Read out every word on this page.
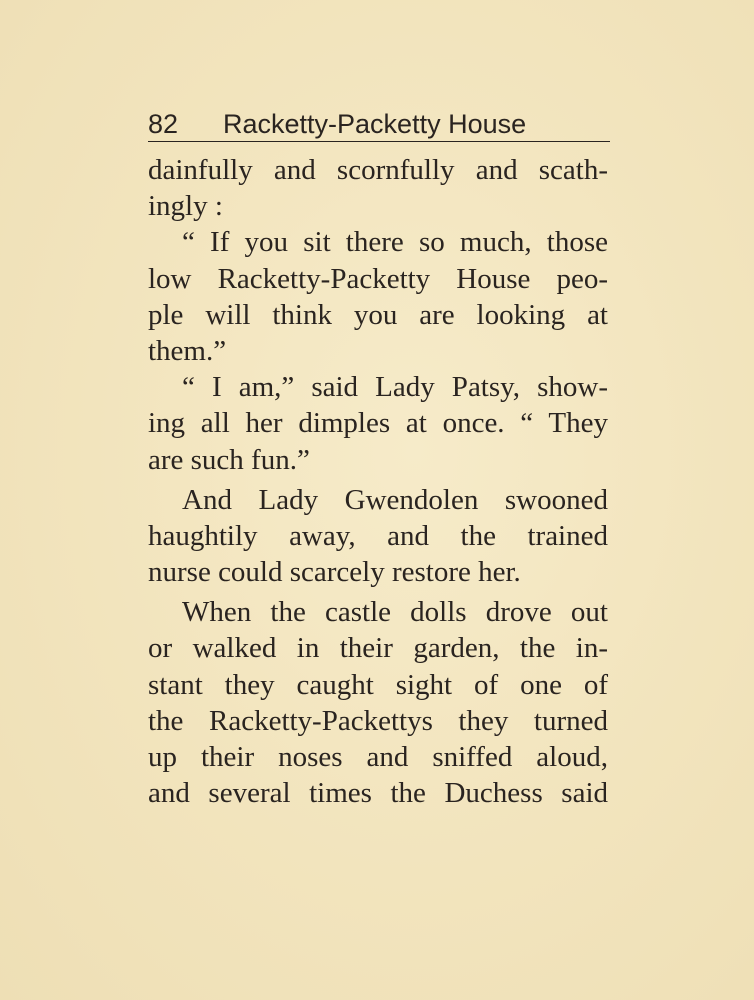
82 Racketty-Packetty House
dainfully and scornfully and scath-
ingly :
“ If you sit there so much, those
low Racketty-Packetty House peo-
ple will think you are looking at
them.”
“ I am,” said Lady Patsy, show-
ing all her dimples at once. “ They
are such fun.”
And Lady Gwendolen swooned
haughtily away, and the trained
nurse could scarcely restore her.
When the castle dolls drove out
or walked in their garden, the in-
stant they caught sight of one of
the Racketty-Packettys they turned
up their noses and sniffed aloud,
and several times the Duchess said
